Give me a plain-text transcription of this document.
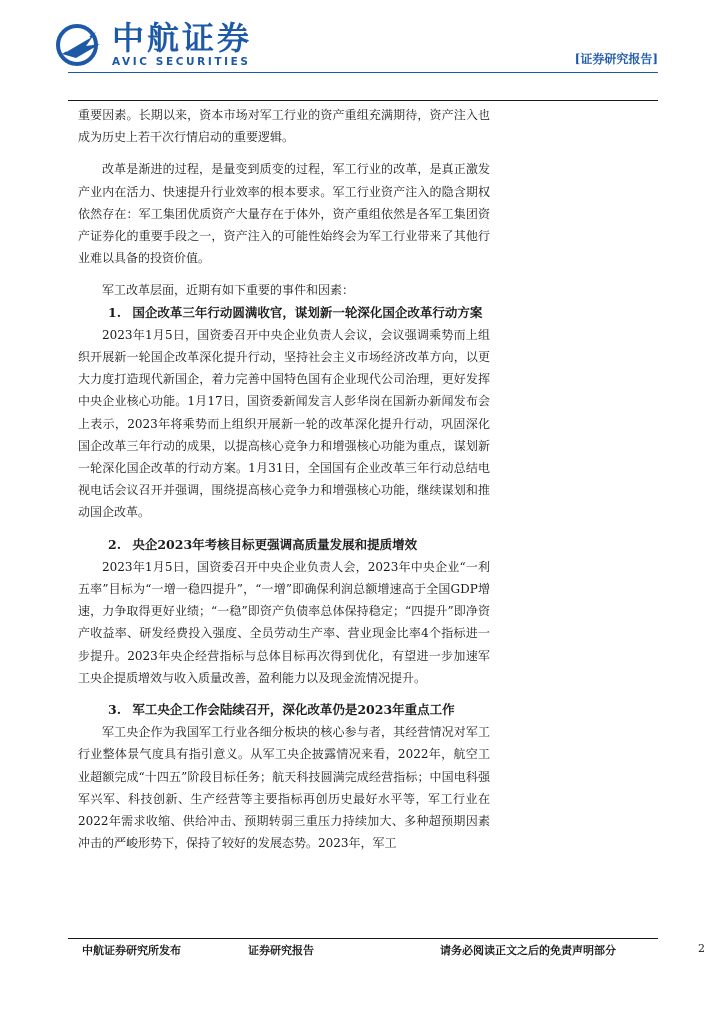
中航证券
AVIC SECURITIES	[证券研究报告]

重要因素。长期以来，资本市场对军工行业的资产重组充满期待，资产注入也成为历史上若干次行情启动的重要逻辑。

改革是渐进的过程，是量变到质变的过程，军工行业的改革，是真正激发产业内在活力、快速提升行业效率的根本要求。军工行业资产注入的隐含期权依然存在：军工集团优质资产大量存在于体外，资产重组依然是各军工集团资产证券化的重要手段之一，资产注入的可能性始终会为军工行业带来了其他行业难以具备的投资价值。

军工改革层面，近期有如下重要的事件和因素：

1. 国企改革三年行动圆满收官，谋划新一轮深化国企改革行动方案

2023年1月5日，国资委召开中央企业负责人会议，会议强调乘势而上组织开展新一轮国企改革深化提升行动，坚持社会主义市场经济改革方向，以更大力度打造现代新国企，着力完善中国特色国有企业现代公司治理，更好发挥中央企业核心功能。1月17日，国资委新闻发言人彭华岗在国新办新闻发布会上表示，2023年将乘势而上组织开展新一轮的改革深化提升行动，巩固深化国企改革三年行动的成果，以提高核心竞争力和增强核心功能为重点，谋划新一轮深化国企改革的行动方案。1月31日，全国国有企业改革三年行动总结电视电话会议召开并强调，围绕提高核心竞争力和增强核心功能，继续谋划和推动国企改革。

2. 央企2023年考核目标更强调高质量发展和提质增效

2023年1月5日，国资委召开中央企业负责人会，2023年中央企业“一利五率”目标为“一增一稳四提升”，“一增”即确保利润总额增速高于全国GDP增速，力争取得更好业绩；“一稳”即资产负债率总体保持稳定；“四提升”即净资产收益率、研发经费投入强度、全员劳动生产率、营业现金比率4个指标进一步提升。2023年央企经营指标与总体目标再次得到优化，有望进一步加速军工央企提质增效与收入质量改善，盈利能力以及现金流情况提升。

3. 军工央企工作会陆续召开，深化改革仍是2023年重点工作

军工央企作为我国军工行业各细分板块的核心参与者，其经营情况对军工行业整体景气度具有指引意义。从军工央企披露情况来看，2022年，航空工业超额完成“十四五”阶段目标任务；航天科技圆满完成经营指标；中国电科强军兴军、科技创新、生产经营等主要指标再创历史最好水平等，军工行业在2022年需求收缩、供给冲击、预期转弱三重压力持续加大、多种超预期因素冲击的严峻形势下，保持了较好的发展态势。2023年，军工

中航证券研究所发布	证券研究报告	请务必阅读正文之后的免责声明部分	2
